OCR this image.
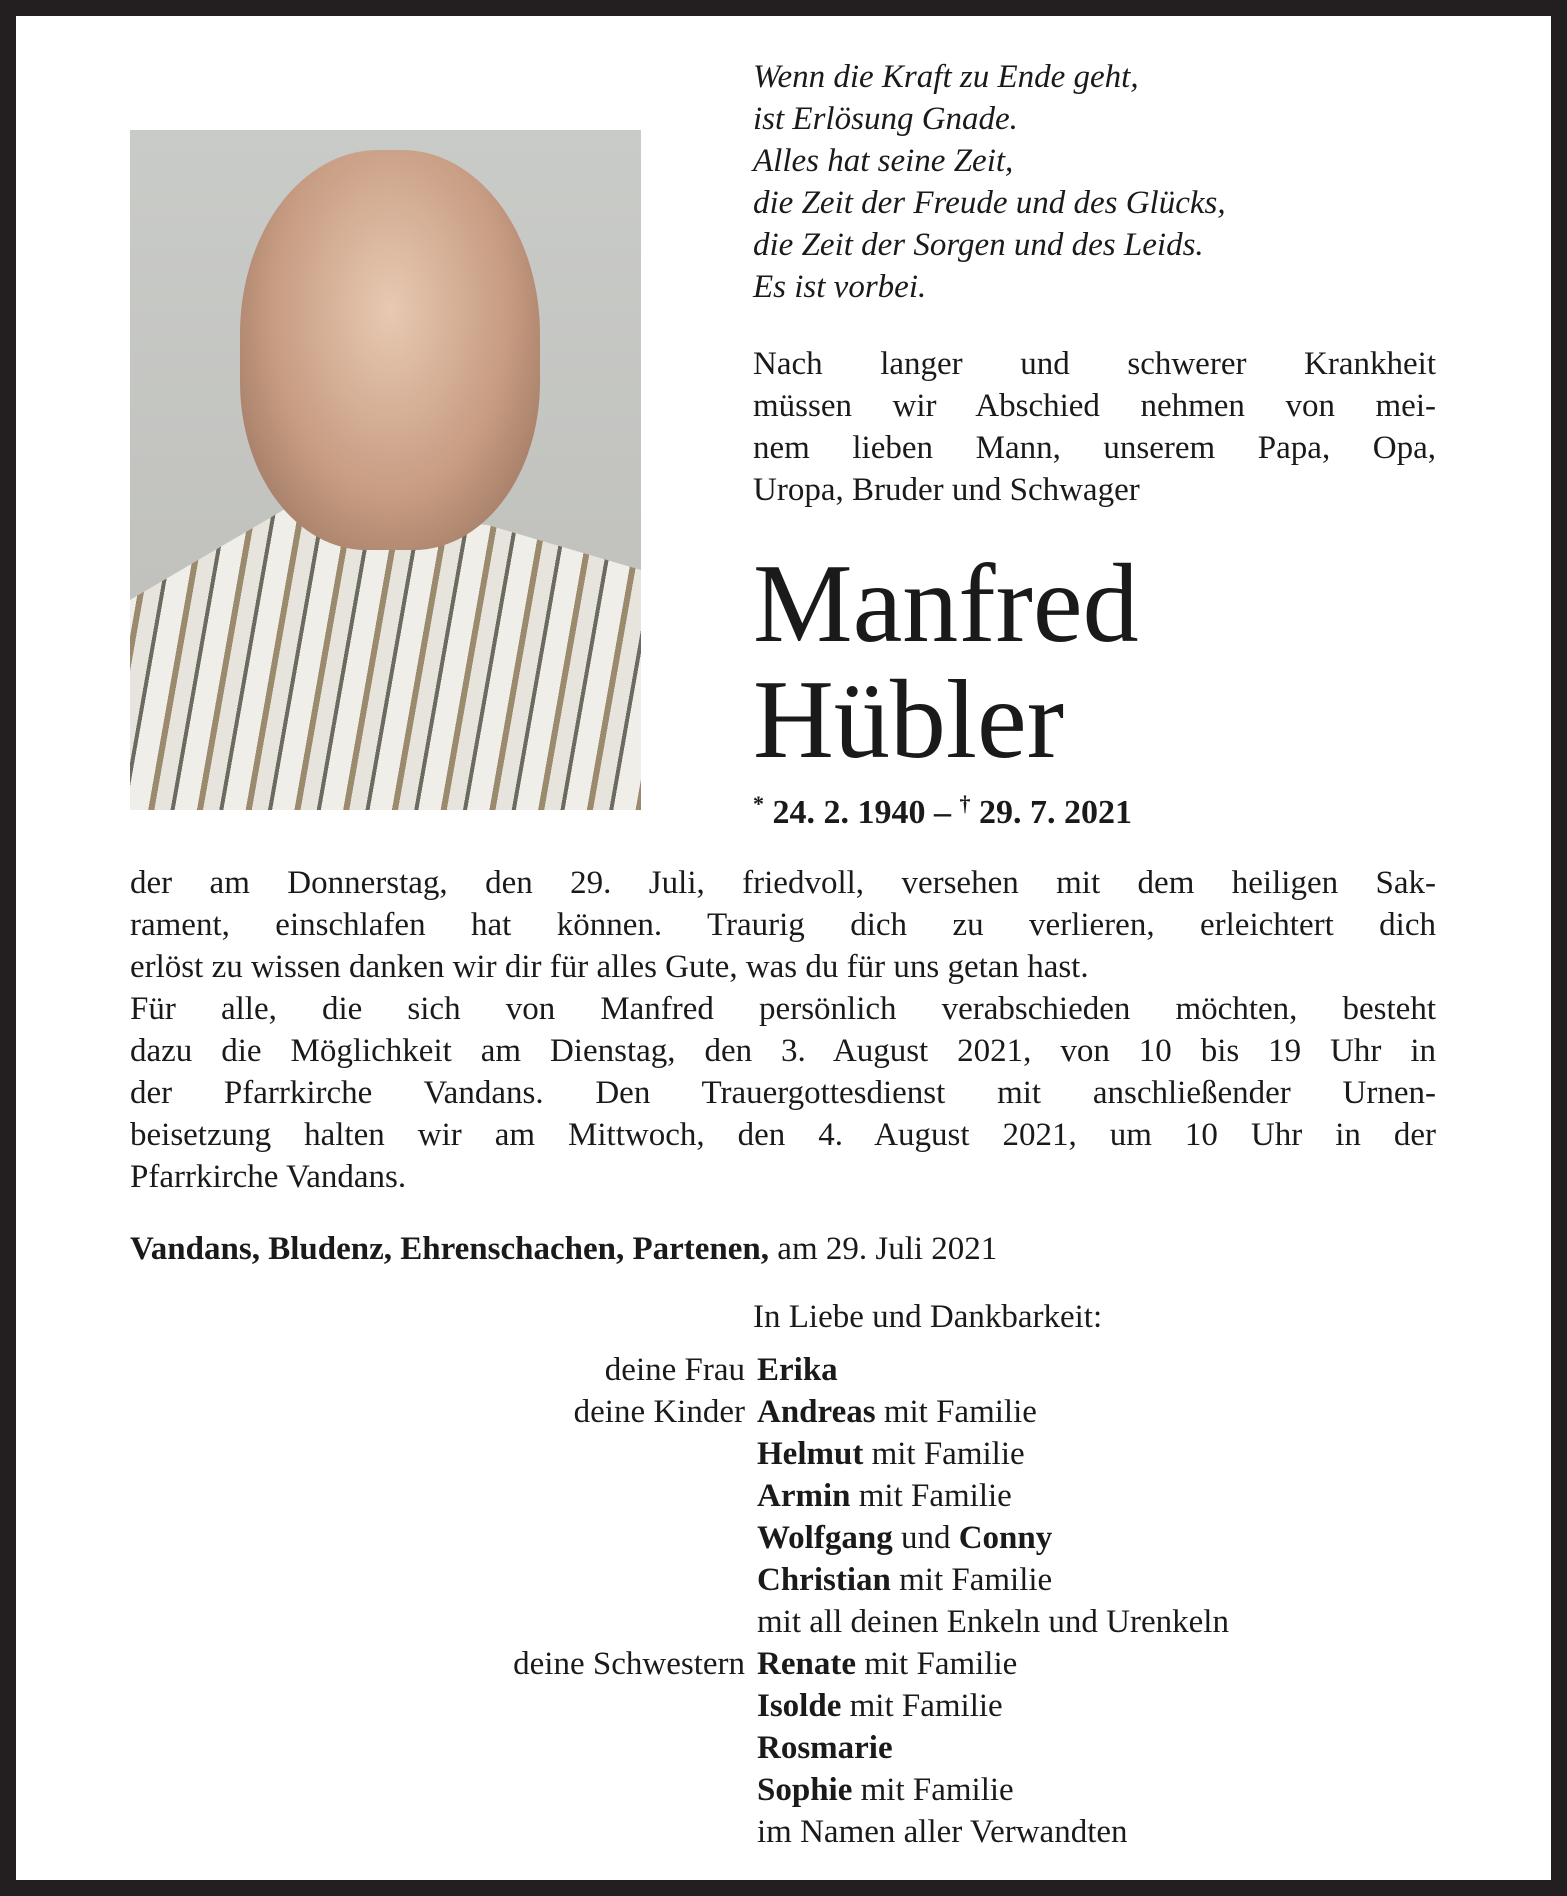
Wenn die Kraft zu Ende geht,
ist Erlösung Gnade.
Alles hat seine Zeit,
die Zeit der Freude und des Glücks,
die Zeit der Sorgen und des Leids.
Es ist vorbei.
Nach langer und schwerer Krankheit
müssen wir Abschied nehmen von mei-
nem lieben Mann, unserem Papa, Opa,
Uropa, Bruder und Schwager
Manfred
Hübler
* 24. 2. 1940 – † 29. 7. 2021
der am Donnerstag, den 29. Juli, friedvoll, versehen mit dem heiligen Sak-
rament, einschlafen hat können. Traurig dich zu verlieren, erleichtert dich
erlöst zu wissen danken wir dir für alles Gute, was du für uns getan hast.
Für alle, die sich von Manfred persönlich verabschieden möchten, besteht
dazu die Möglichkeit am Dienstag, den 3. August 2021, von 10 bis 19 Uhr in
der Pfarrkirche Vandans. Den Trauergottesdienst mit anschließender Urnen-
beisetzung halten wir am Mittwoch, den 4. August 2021, um 10 Uhr in der
Pfarrkirche Vandans.
Vandans, Bludenz, Ehrenschachen, Partenen, am 29. Juli 2021
In Liebe und Dankbarkeit:
deine Frau Erika
deine Kinder Andreas mit Familie
Helmut mit Familie
Armin mit Familie
Wolfgang und Conny
Christian mit Familie
mit all deinen Enkeln und Urenkeln
deine Schwestern Renate mit Familie
Isolde mit Familie
Rosmarie
Sophie mit Familie
im Namen aller Verwandten
